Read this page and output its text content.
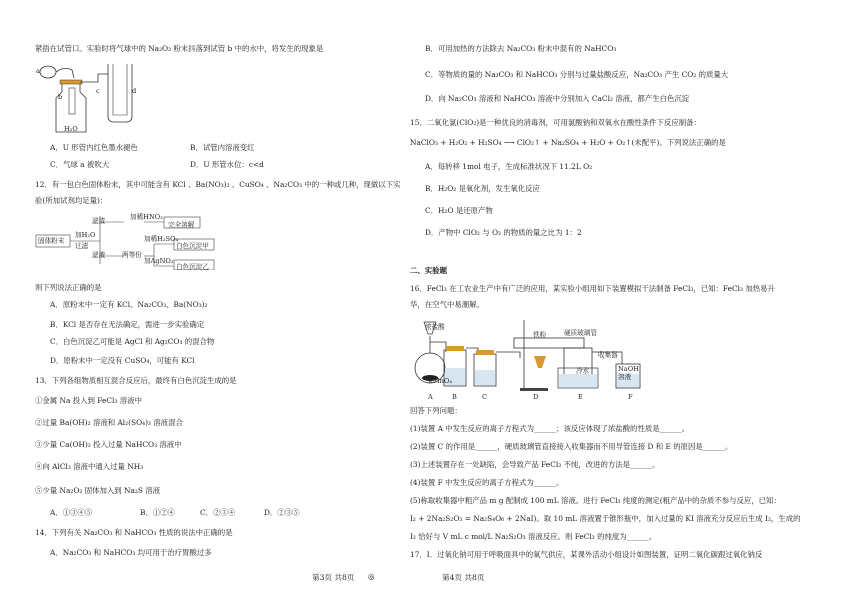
紧捂在试管口。实验时将气球中的 Na₂O₂ 粉末抖落到试管 b 中的水中，将发生的现象是
a
b
c	d
H₂O
A．U 形管内红色墨水褪色	B．试管内溶液变红
C．气球 a 被吹大	D．U 形管水位：c<d
12．有一包白色固体粉末，其中可能含有 KCl 、Ba(NO₃)₂ 、CuSO₄ 、Na₂CO₃ 中的一种或几种，现做以下实
验(所加试剂均足量)：
固体粉末
加H₂O
过滤
滤渣
滤液
加稀HNO₃
完全溶解
两等份
加稀H₂SO₄
白色沉淀甲
加AgNO₃
白色沉淀乙
则下列说法正确的是
A．原粉末中一定有 KCl、Na₂CO₃、Ba(NO₃)₂
B．KCl 是否存在无法确定，需进一步实验确定
C．白色沉淀乙可能是 AgCl 和 Ag₂CO₃ 的混合物
D．原粉末中一定没有 CuSO₄，可能有 KCl
13．下列各组物质相互混合反应后，最终有白色沉淀生成的是
①金属 Na 投入到 FeCl₃ 溶液中
②过量 Ba(OH)₂ 溶液和 Al₂(SO₄)₃ 溶液混合
③少量 Ca(OH)₂ 投入过量 NaHCO₃ 溶液中
④向 AlCl₃ 溶液中通入过量 NH₃
⑤少量 Na₂O₂ 固体加入到 Na₂S 溶液
A．①③④⑤	B．①②④	C．②③④	D．②③⑤
14．下列有关 Na₂CO₃ 和 NaHCO₃ 性质的说法中正确的是
A．Na₂CO₃ 和 NaHCO₃ 均可用于治疗胃酸过多
第3页 共8页 ◎
B．可用加热的方法除去 Na₂CO₃ 粉末中混有的 NaHCO₃
C．等物质的量的 Na₂CO₃ 和 NaHCO₃ 分别与过量盐酸反应，Na₂CO₃ 产生 CO₂ 的质量大
D．向 Na₂CO₃ 溶液和 NaHCO₃ 溶液中分别加入 CaCl₂ 溶液，都产生白色沉淀
15．二氧化氯(ClO₂)是一种优良的消毒剂，可用氯酸钠和双氧水在酸性条件下反应制备：
NaClO₃ + H₂O₂ + H₂SO₄ ⟶ ClO₂↑ + Na₂SO₄ + H₂O + O₂↑(未配平)。下列说法正确的是
A．每转移 1mol 电子，生成标准状况下 11.2L O₂
B．H₂O₂ 是氧化剂，发生氧化反应
C．H₂O 是还原产物
D．产物中 ClO₂ 与 O₂ 的物质的量之比为 1：2
二、实验题
16．FeCl₃ 在工农业生产中有广泛的应用，某实验小组用如下装置模拟干法制备 FeCl₃，已知：FeCl₃ 加热易升
华，在空气中易潮解。
浓盐酸
铁粉	硬质玻璃管
收集器
冷水
KMnO₄
NaOH
溶液
A	B	C	D	E	F
回答下列问题：
(1)装置 A 中发生反应的离子方程式为______；该反应体现了浓盐酸的性质是______。
(2)装置 C 的作用是______，硬质玻璃管直接接入收集器而不用导管连接 D 和 E 的原因是______。
(3)上述装置存在一处缺陷，会导致产品 FeCl₃ 不纯，改进的方法是______。
(4)装置 F 中发生反应的离子方程式为______。
(5)称取收集器中粗产品 m g 配制成 100 mL 溶液。进行 FeCl₃ 纯度的测定(粗产品中的杂质不参与反应，已知：
I₂ + 2Na₂S₂O₃ = Na₂S₄O₆ + 2NaI)。取 10 mL 溶液置于锥形瓶中，加入过量的 KI 溶液充分反应后生成 I₂，生成的
I₂ 恰好与 V mL c mol/L Na₂S₂O₃ 溶液反应。则 FeCl₃ 的纯度为______。
17．I．过氧化钠可用于呼吸面具中的氧气供应，某课外活动小组设计如图装置，证明二氧化碳跟过氧化钠反
第4页 共8页
